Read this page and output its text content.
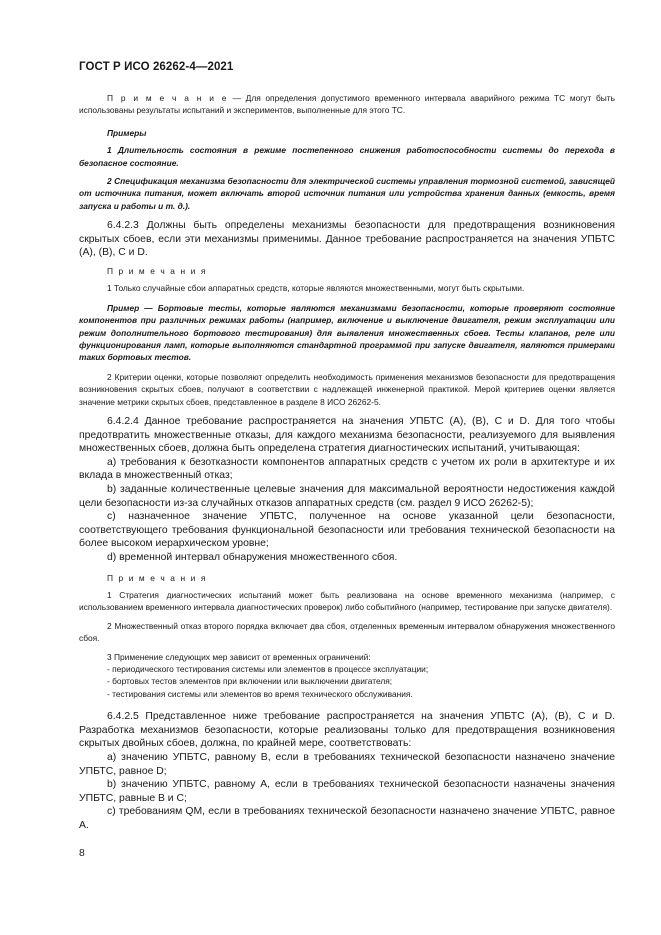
ГОСТ Р ИСО 26262-4—2021

П р и м е ч а н и е — Для определения допустимого временного интервала аварийного режима ТС могут быть использованы результаты испытаний и экспериментов, выполненные для этого ТС.

Примеры

1 Длительность состояния в режиме постепенного снижения работоспособности системы до перехода в безопасное состояние.

2 Спецификация механизма безопасности для электрической системы управления тормозной системой, зависящей от источника питания, может включать второй источник питания или устройства хранения данных (емкость, время запуска и работы и т. д.).

6.4.2.3 Должны быть определены механизмы безопасности для предотвращения возникновения скрытых сбоев, если эти механизмы применимы. Данное требование распространяется на значения УПБТС (А), (В), С и D.

П р и м е ч а н и я

1 Только случайные сбои аппаратных средств, которые являются множественными, могут быть скрытыми.

Пример — Бортовые тесты, которые являются механизмами безопасности, которые проверяют состояние компонентов при различных режимах работы (например, включение и выключение двигателя, режим эксплуатации или режим дополнительного бортового тестирования) для выявления множественных сбоев. Тесты клапанов, реле или функционирования ламп, которые выполняются стандартной программой при запуске двигателя, являются примерами таких бортовых тестов.

2 Критерии оценки, которые позволяют определить необходимость применения механизмов безопасности для предотвращения возникновения скрытых сбоев, получают в соответствии с надлежащей инженерной практикой. Мерой критериев оценки является значение метрики скрытых сбоев, представленное в разделе 8 ИСО 26262-5.

6.4.2.4 Данное требование распространяется на значения УПБТС (А), (В), С и D. Для того чтобы предотвратить множественные отказы, для каждого механизма безопасности, реализуемого для выявления множественных сбоев, должна быть определена стратегия диагностических испытаний, учитывающая:

a) требования к безотказности компонентов аппаратных средств с учетом их роли в архитектуре и их вклада в множественный отказ;

b) заданные количественные целевые значения для максимальной вероятности недостижения каждой цели безопасности из-за случайных отказов аппаратных средств (см. раздел 9 ИСО 26262-5);

c) назначенное значение УПБТС, полученное на основе указанной цели безопасности, соответствующего требования функциональной безопасности или требования технической безопасности на более высоком иерархическом уровне;

d) временной интервал обнаружения множественного сбоя.

П р и м е ч а н и я

1 Стратегия диагностических испытаний может быть реализована на основе временного механизма (например, с использованием временного интервала диагностических проверок) либо событийного (например, тестирование при запуске двигателя).

2 Множественный отказ второго порядка включает два сбоя, отделенных временным интервалом обнаружения множественного сбоя.

3 Применение следующих мер зависит от временных ограничений:

- периодического тестирования системы или элементов в процессе эксплуатации;

- бортовых тестов элементов при включении или выключении двигателя;

- тестирования системы или элементов во время технического обслуживания.

6.4.2.5 Представленное ниже требование распространяется на значения УПБТС (А), (В), С и D. Разработка механизмов безопасности, которые реализованы только для предотвращения возникновения скрытых двойных сбоев, должна, по крайней мере, соответствовать:

a) значению УПБТС, равному В, если в требованиях технической безопасности назначено значение УПБТС, равное D;

b) значению УПБТС, равному А, если в требованиях технической безопасности назначены значения УПБТС, равные В и С;

c) требованиям QM, если в требованиях технической безопасности назначено значение УПБТС, равное А.

8
